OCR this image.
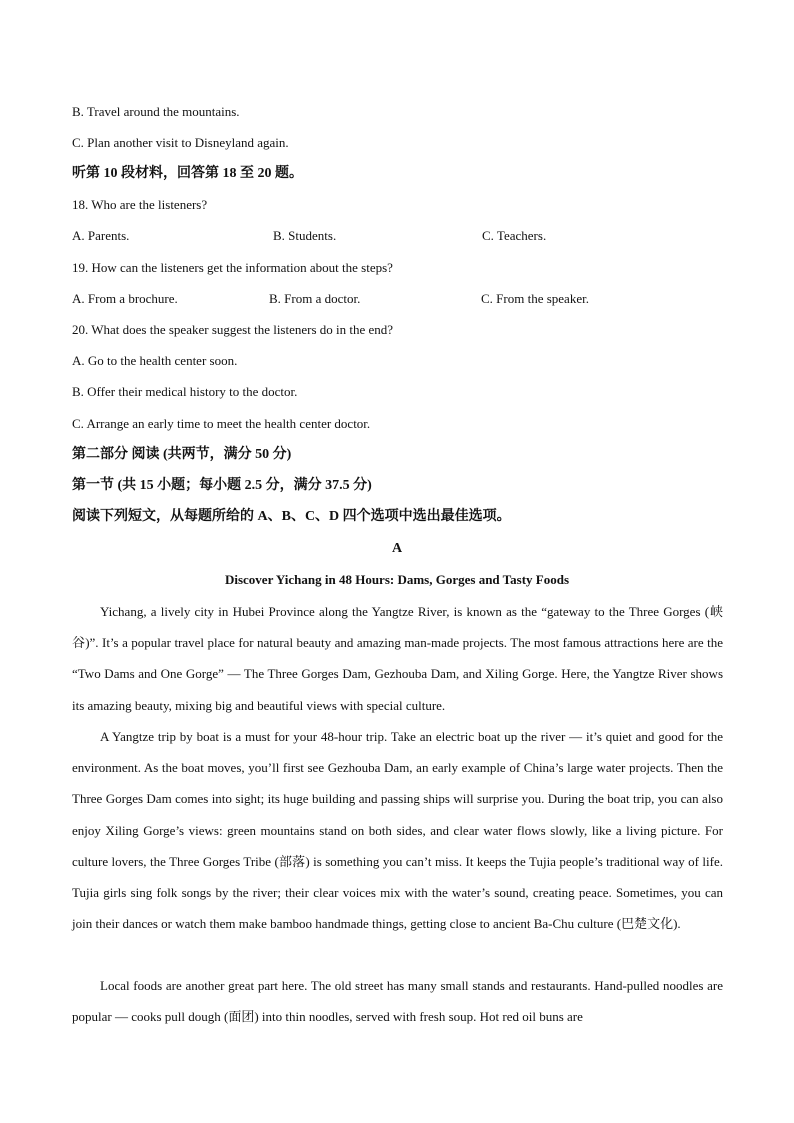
B. Travel around the mountains.
C. Plan another visit to Disneyland again.
听第 10 段材料，回答第 18 至 20 题。
18. Who are the listeners?
A. Parents.	B. Students.	C. Teachers.
19. How can the listeners get the information about the steps?
A. From a brochure.	B. From a doctor.	C. From the speaker.
20. What does the speaker suggest the listeners do in the end?
A. Go to the health center soon.
B. Offer their medical history to the doctor.
C. Arrange an early time to meet the health center doctor.
第二部分 阅读 (共两节，满分 50 分)
第一节 (共 15 小题；每小题 2.5 分，满分 37.5 分)
阅读下列短文，从每题所给的 A、B、C、D 四个选项中选出最佳选项。
A
Discover Yichang in 48 Hours: Dams, Gorges and Tasty Foods

Yichang, a lively city in Hubei Province along the Yangtze River, is known as the “gateway to the Three Gorges (峡谷)”. It’s a popular travel place for natural beauty and amazing man-made projects. The most famous attractions here are the “Two Dams and One Gorge” — The Three Gorges Dam, Gezhouba Dam, and Xiling Gorge. Here, the Yangtze River shows its amazing beauty, mixing big and beautiful views with special culture.

A Yangtze trip by boat is a must for your 48-hour trip. Take an electric boat up the river — it’s quiet and good for the environment. As the boat moves, you’ll first see Gezhouba Dam, an early example of China’s large water projects. Then the Three Gorges Dam comes into sight; its huge building and passing ships will surprise you. During the boat trip, you can also enjoy Xiling Gorge’s views: green mountains stand on both sides, and clear water flows slowly, like a living picture. For culture lovers, the Three Gorges Tribe (部落) is something you can’t miss. It keeps the Tujia people’s traditional way of life. Tujia girls sing folk songs by the river; their clear voices mix with the water’s sound, creating peace. Sometimes, you can join their dances or watch them make bamboo handmade things, getting close to ancient Ba-Chu culture (巴楚文化).

Local foods are another great part here. The old street has many small stands and restaurants. Hand-pulled noodles are popular — cooks pull dough (面团) into thin noodles, served with fresh soup. Hot red oil buns are
